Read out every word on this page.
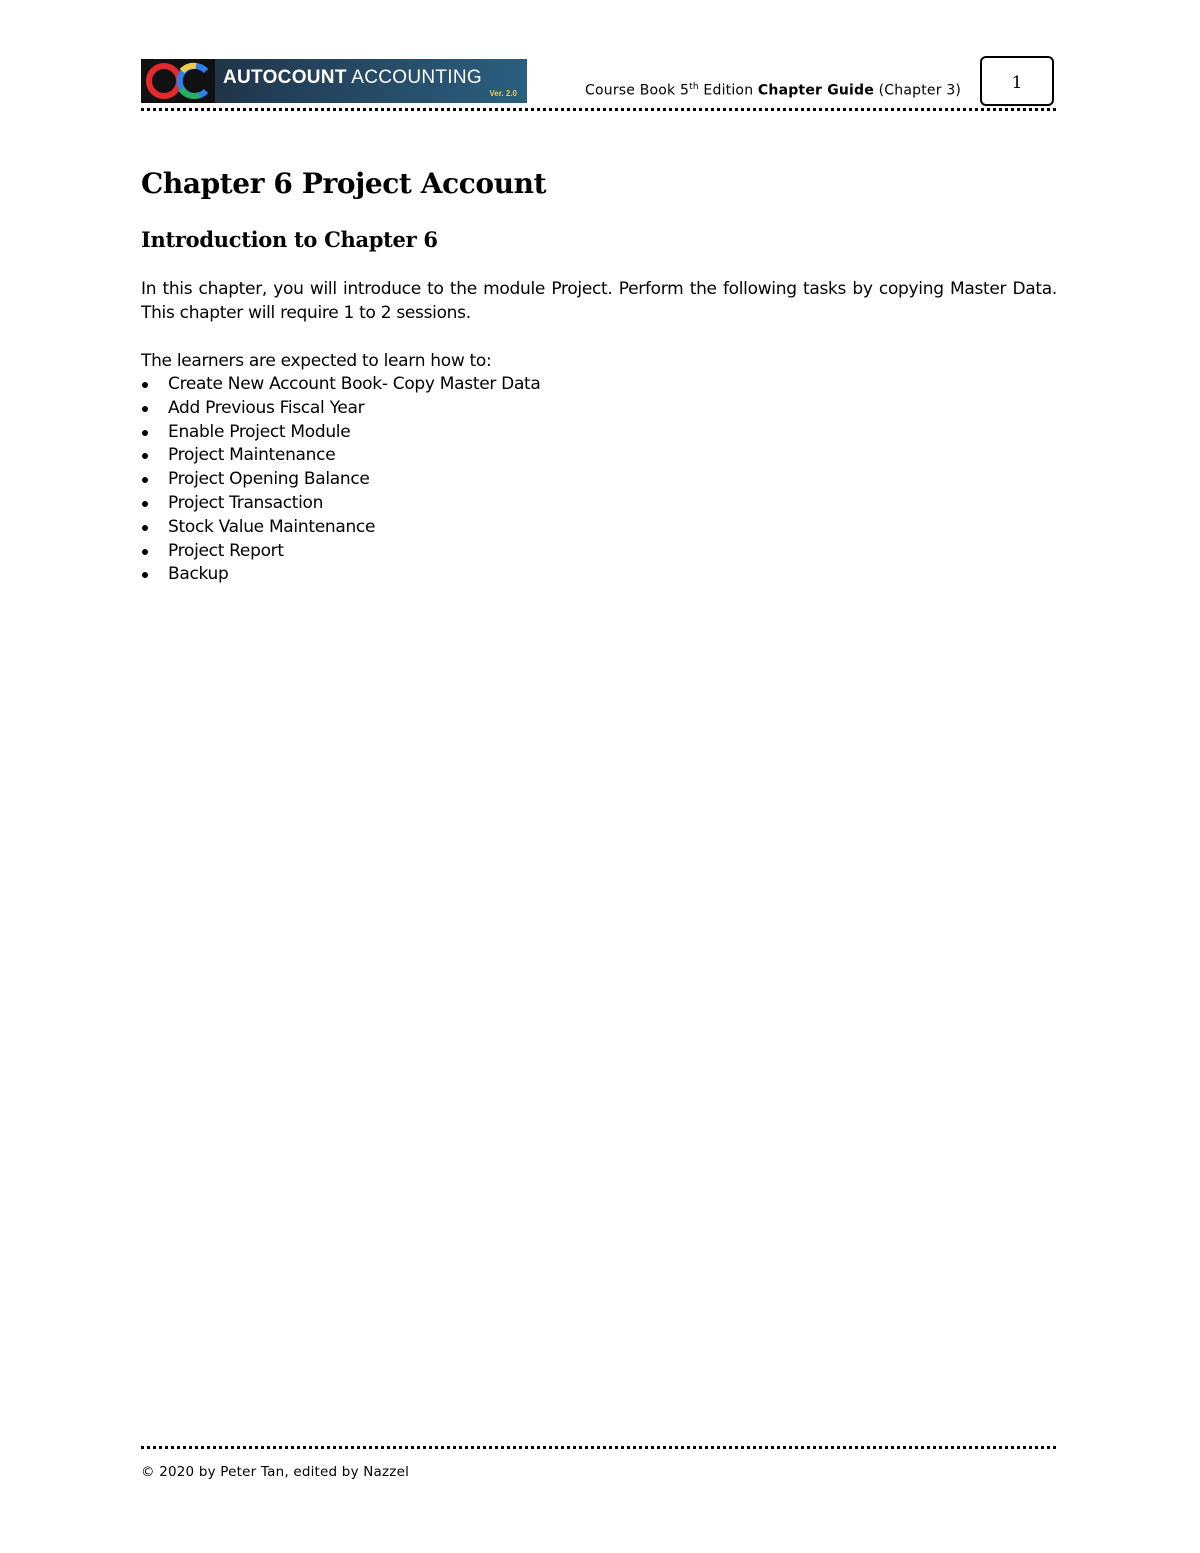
AUTOCOUNT ACCOUNTING
Ver. 2.0	Course Book 5th Edition Chapter Guide (Chapter 3)	1
Chapter 6 Project Account
Introduction to Chapter 6

In this chapter, you will introduce to the module Project. Perform the following tasks by copying Master Data. This chapter will require 1 to 2 sessions.

The learners are expected to learn how to:

Create New Account Book- Copy Master Data
Add Previous Fiscal Year
Enable Project Module
Project Maintenance
Project Opening Balance
Project Transaction
Stock Value Maintenance
Project Report
Backup
© 2020 by Peter Tan, edited by Nazzel
